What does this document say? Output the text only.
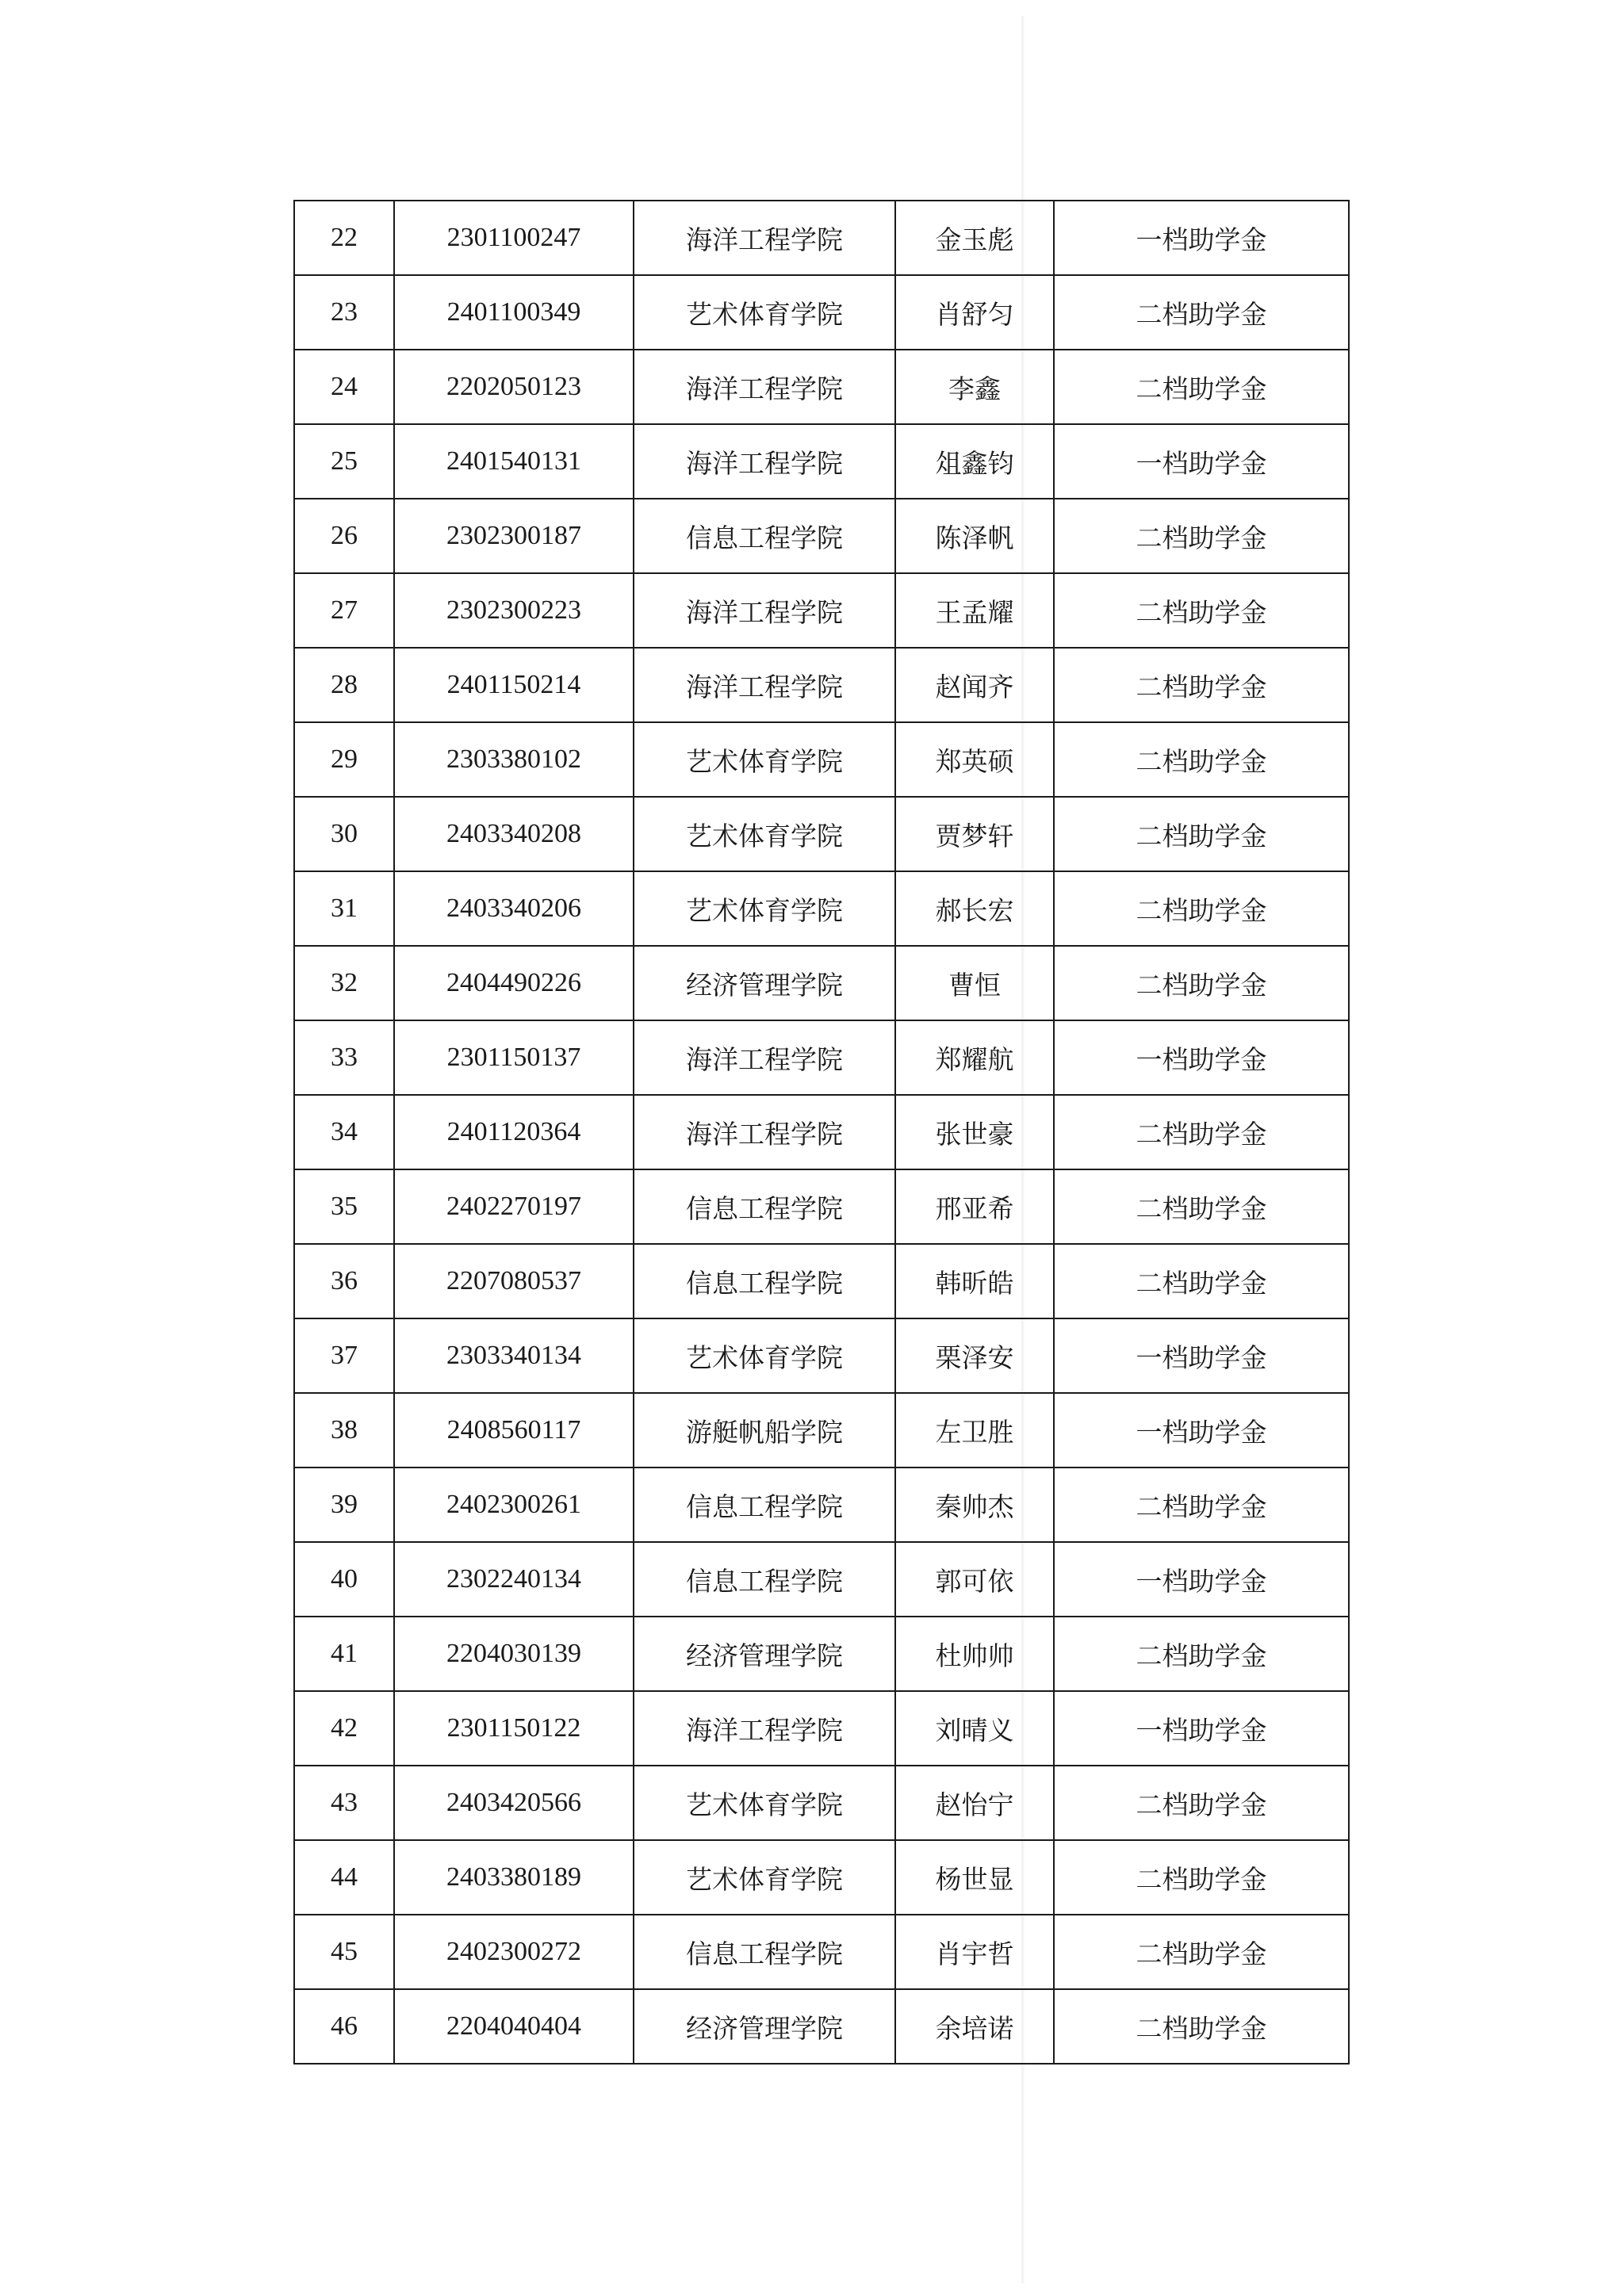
22	2301100247	海洋工程学院	金玉彪	一档助学金
23	2401100349	艺术体育学院	肖舒匀	二档助学金
24	2202050123	海洋工程学院	李鑫	二档助学金
25	2401540131	海洋工程学院	俎鑫钧	一档助学金
26	2302300187	信息工程学院	陈泽帆	二档助学金
27	2302300223	海洋工程学院	王孟耀	二档助学金
28	2401150214	海洋工程学院	赵闻齐	二档助学金
29	2303380102	艺术体育学院	郑英硕	二档助学金
30	2403340208	艺术体育学院	贾梦轩	二档助学金
31	2403340206	艺术体育学院	郝长宏	二档助学金
32	2404490226	经济管理学院	曹恒	二档助学金
33	2301150137	海洋工程学院	郑耀航	一档助学金
34	2401120364	海洋工程学院	张世豪	二档助学金
35	2402270197	信息工程学院	邢亚希	二档助学金
36	2207080537	信息工程学院	韩昕皓	二档助学金
37	2303340134	艺术体育学院	栗泽安	一档助学金
38	2408560117	游艇帆船学院	左卫胜	一档助学金
39	2402300261	信息工程学院	秦帅杰	二档助学金
40	2302240134	信息工程学院	郭可依	一档助学金
41	2204030139	经济管理学院	杜帅帅	二档助学金
42	2301150122	海洋工程学院	刘晴义	一档助学金
43	2403420566	艺术体育学院	赵怡宁	二档助学金
44	2403380189	艺术体育学院	杨世显	二档助学金
45	2402300272	信息工程学院	肖宇哲	二档助学金
46	2204040404	经济管理学院	余培诺	二档助学金
